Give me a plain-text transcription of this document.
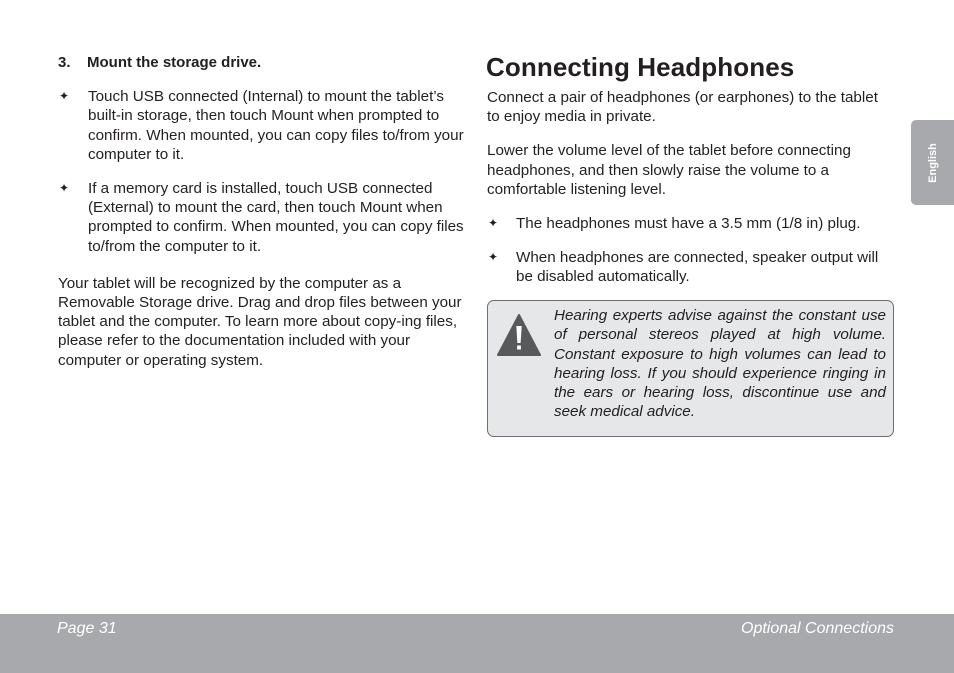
3.	Mount the storage drive.
✦	Touch USB connected (Internal) to mount the tablet’s built-in storage, then touch Mount when prompted to confirm. When mounted, you can copy files to/from your computer to it.
✦	If a memory card is installed, touch USB connected (External) to mount the card, then touch Mount when prompted to confirm. When mounted, you can copy files to/from the computer to it.
Your tablet will be recognized by the computer as a Removable Storage drive. Drag and drop files between your tablet and the computer. To learn more about copy-ing files, please refer to the documentation included with your computer or operating system.
Connecting Headphones
Connect a pair of headphones (or earphones) to the tablet to enjoy media in private.
Lower the volume level of the tablet before connecting headphones, and then slowly raise the volume to a comfortable listening level.
✦	The headphones must have a 3.5 mm (1/8 in) plug.
✦	When headphones are connected, speaker output will be disabled automatically.
Hearing experts advise against the constant use of personal stereos played at high volume. Constant exposure to high volumes can lead to hearing loss. If you should experience ringing in the ears or hearing loss, discontinue use and seek medical advice.
English
Page 31	Optional Connections
